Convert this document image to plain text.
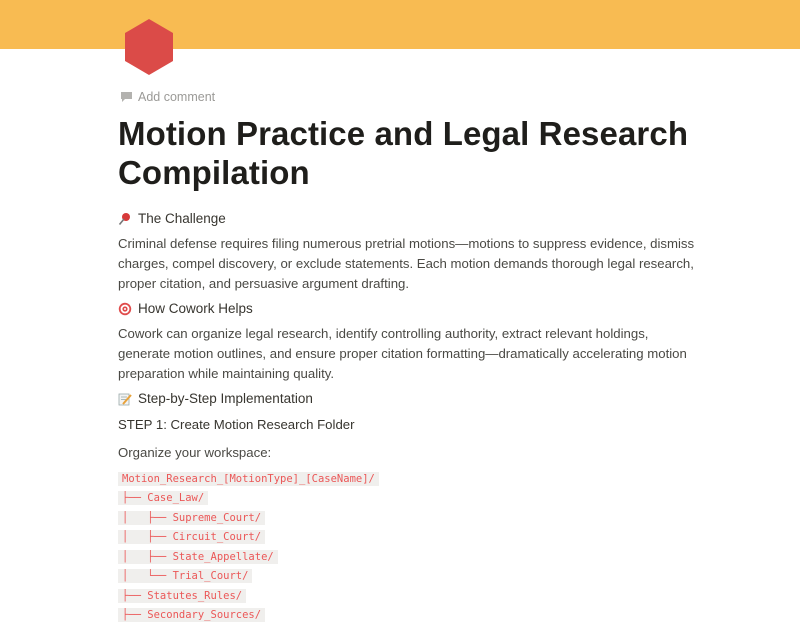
Add comment
Motion Practice and Legal Research
Compilation
The Challenge
Criminal defense requires filing numerous pretrial motions—motions to suppress evidence, dismiss charges, compel discovery, or exclude statements. Each motion demands thorough legal research, proper citation, and persuasive argument drafting.
How Cowork Helps
Cowork can organize legal research, identify controlling authority, extract relevant holdings, generate motion outlines, and ensure proper citation formatting—dramatically accelerating motion preparation while maintaining quality.
Step-by-Step Implementation
STEP 1: Create Motion Research Folder
Organize your workspace:
Motion_Research_[MotionType]_[CaseName]/
├── Case_Law/
│   ├── Supreme_Court/
│   ├── Circuit_Court/
│   ├── State_Appellate/
│   └── Trial_Court/
├── Statutes_Rules/
├── Secondary_Sources/
